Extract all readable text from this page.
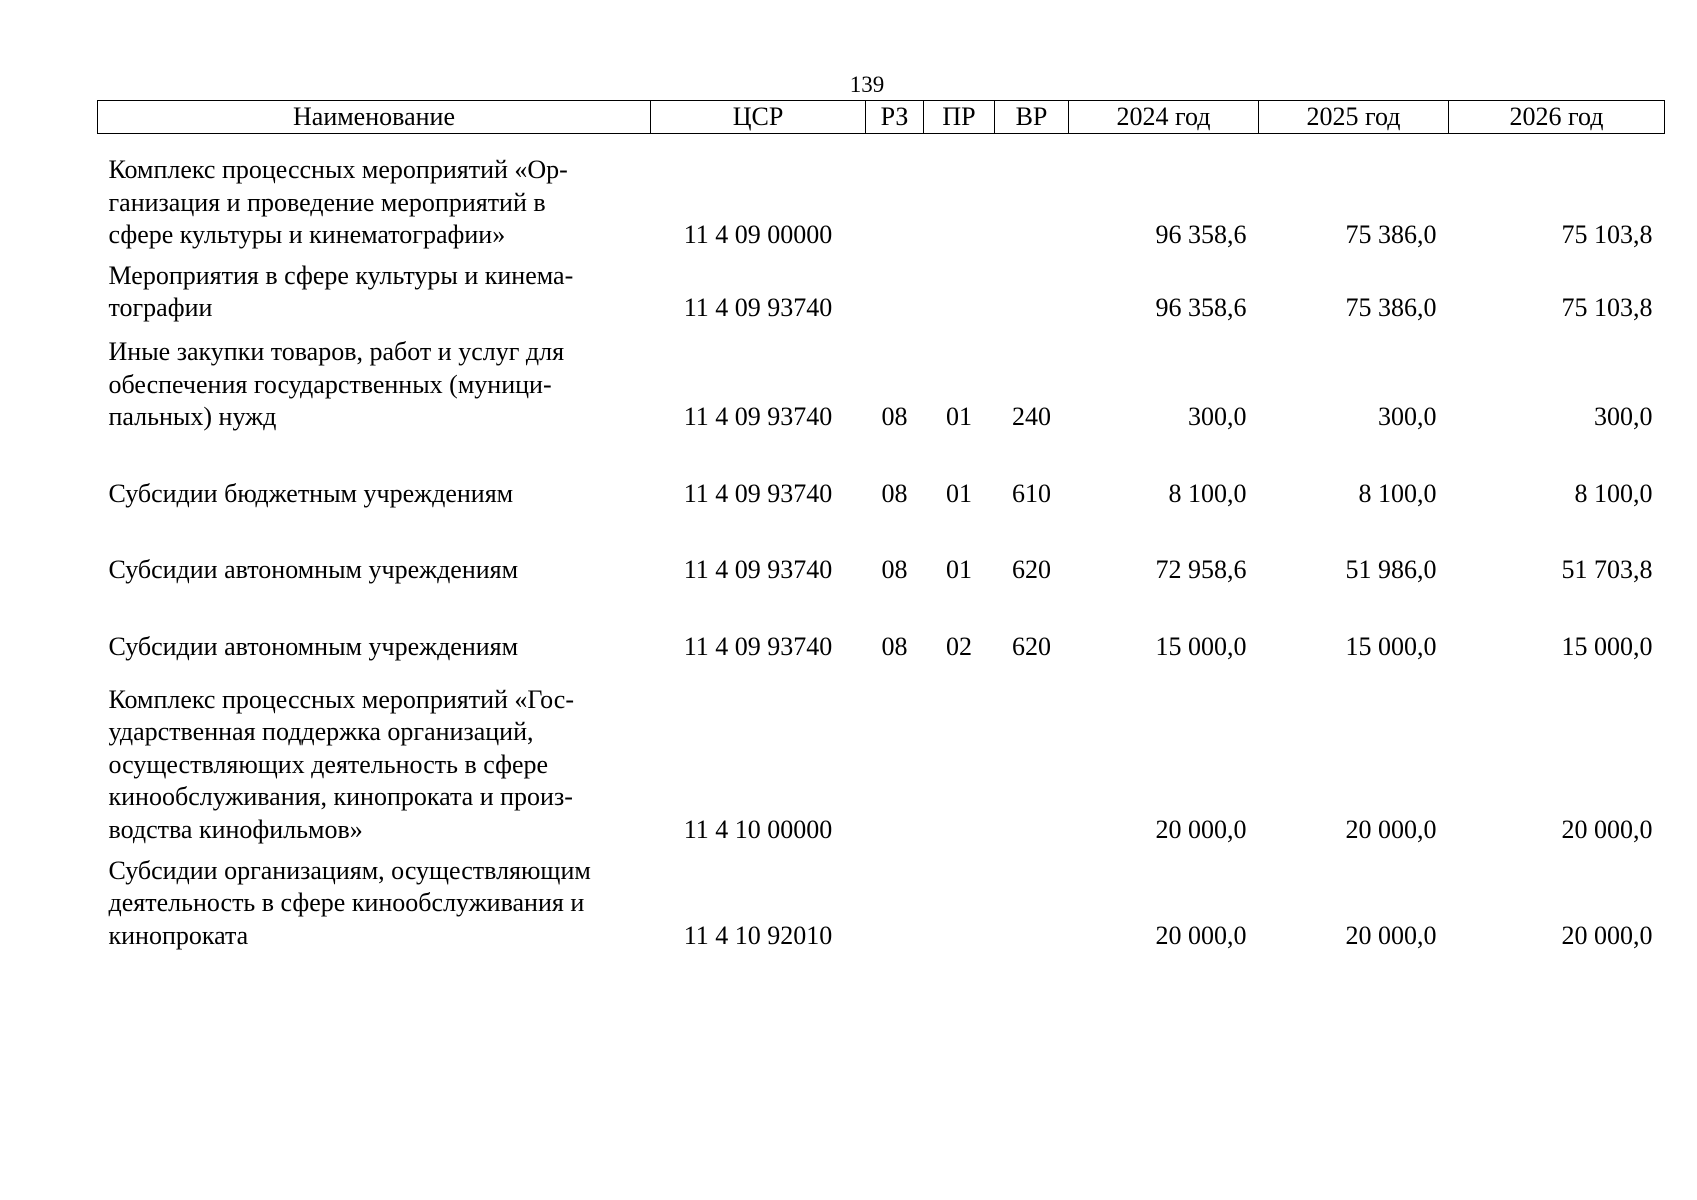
139
Наименование	ЦСР	РЗ	ПР	ВР	2024 год	2025 год	2026 год
Комплекс процессных мероприятий «Ор-
ганизация и проведение мероприятий в
сфере культуры и кинематографии»	11 4 09 00000				96 358,6	75 386,0	75 103,8
Мероприятия в сфере культуры и кинема-
тографии	11 4 09 93740				96 358,6	75 386,0	75 103,8
Иные закупки товаров, работ и услуг для
обеспечения государственных (муници-
пальных) нужд	11 4 09 93740	08	01	240	300,0	300,0	300,0
Субсидии бюджетным учреждениям	11 4 09 93740	08	01	610	8 100,0	8 100,0	8 100,0
Субсидии автономным учреждениям	11 4 09 93740	08	01	620	72 958,6	51 986,0	51 703,8
Субсидии автономным учреждениям	11 4 09 93740	08	02	620	15 000,0	15 000,0	15 000,0
Комплекс процессных мероприятий «Гос-
ударственная поддержка организаций,
осуществляющих деятельность в сфере
кинообслуживания, кинопроката и произ-
водства кинофильмов»	11 4 10 00000				20 000,0	20 000,0	20 000,0
Субсидии организациям, осуществляющим
деятельность в сфере кинообслуживания и
кинопроката	11 4 10 92010				20 000,0	20 000,0	20 000,0
